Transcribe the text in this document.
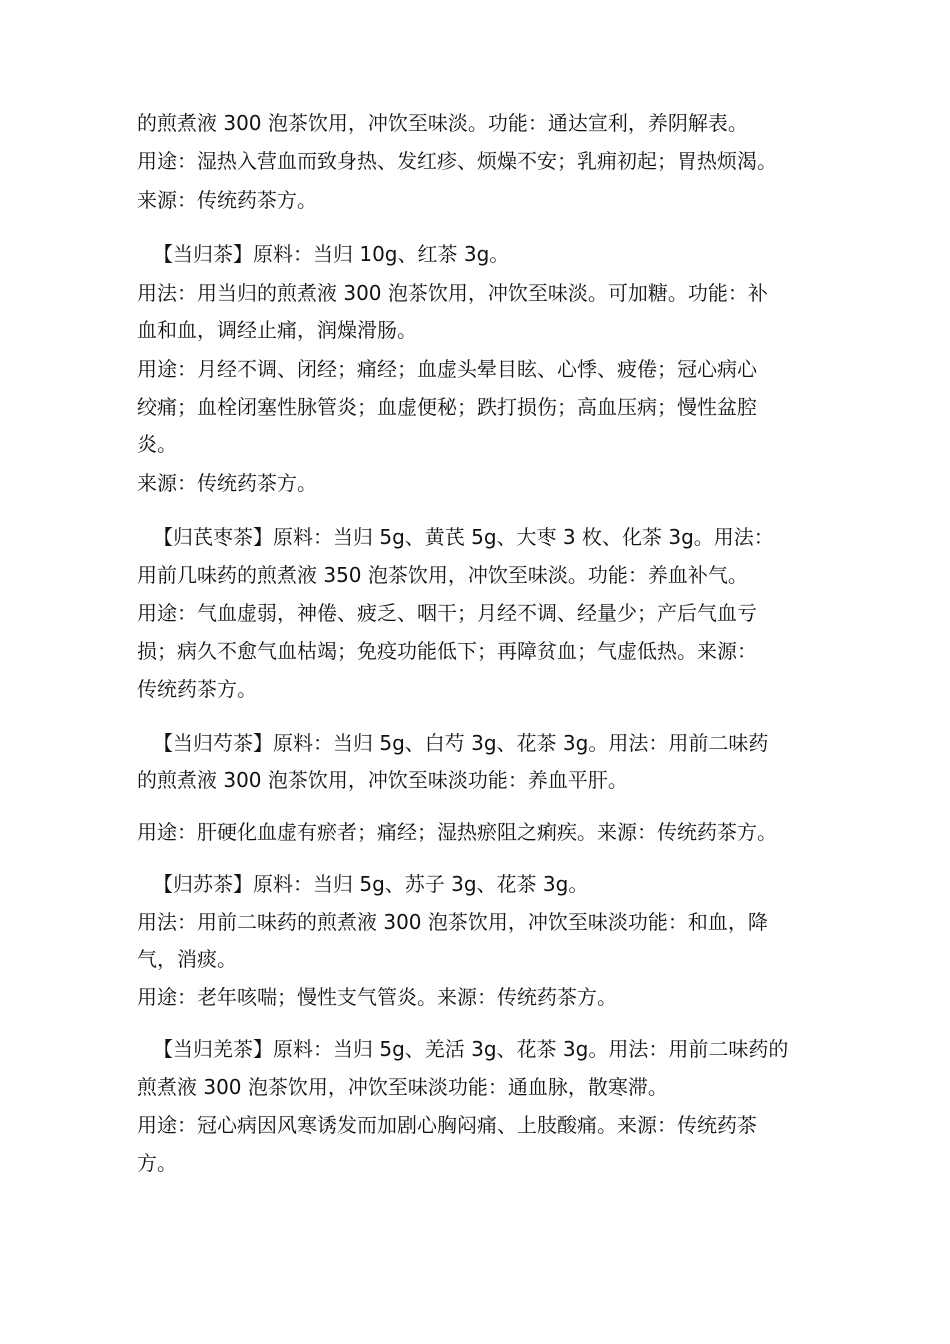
的煎煮液 300 泡茶饮用，冲饮至味淡。功能：通达宣利，养阴解表。

用途：湿热入营血而致身热、发红疹、烦燥不安；乳痈初起；胃热烦渴。

来源：传统药茶方。

【当归茶】原料：当归 10g、红茶 3g。

用法：用当归的煎煮液 300 泡茶饮用，冲饮至味淡。可加糖。功能：补

血和血，调经止痛，润燥滑肠。

用途：月经不调、闭经；痛经；血虚头晕目眩、心悸、疲倦；冠心病心

绞痛；血栓闭塞性脉管炎；血虚便秘；跌打损伤；高血压病；慢性盆腔

炎。

来源：传统药茶方。

【归芪枣茶】原料：当归 5g、黄芪 5g、大枣 3 枚、化茶 3g。用法：

用前几味药的煎煮液 350 泡茶饮用，冲饮至味淡。功能：养血补气。

用途：气血虚弱，神倦、疲乏、咽干；月经不调、经量少；产后气血亏

损；病久不愈气血枯竭；免疫功能低下；再障贫血；气虚低热。来源：

传统药茶方。

【当归芍茶】原料：当归 5g、白芍 3g、花茶 3g。用法：用前二味药

的煎煮液 300 泡茶饮用，冲饮至味淡功能：养血平肝。

用途：肝硬化血虚有瘀者；痛经；湿热瘀阻之痢疾。来源：传统药茶方。

【归苏茶】原料：当归 5g、苏子 3g、花茶 3g。

用法：用前二味药的煎煮液 300 泡茶饮用，冲饮至味淡功能：和血，降

气，消痰。

用途：老年咳喘；慢性支气管炎。来源：传统药茶方。

【当归羌茶】原料：当归 5g、羌活 3g、花茶 3g。用法：用前二味药的

煎煮液 300 泡茶饮用，冲饮至味淡功能：通血脉，散寒滞。

用途：冠心病因风寒诱发而加剧心胸闷痛、上肢酸痛。来源：传统药茶

方。
